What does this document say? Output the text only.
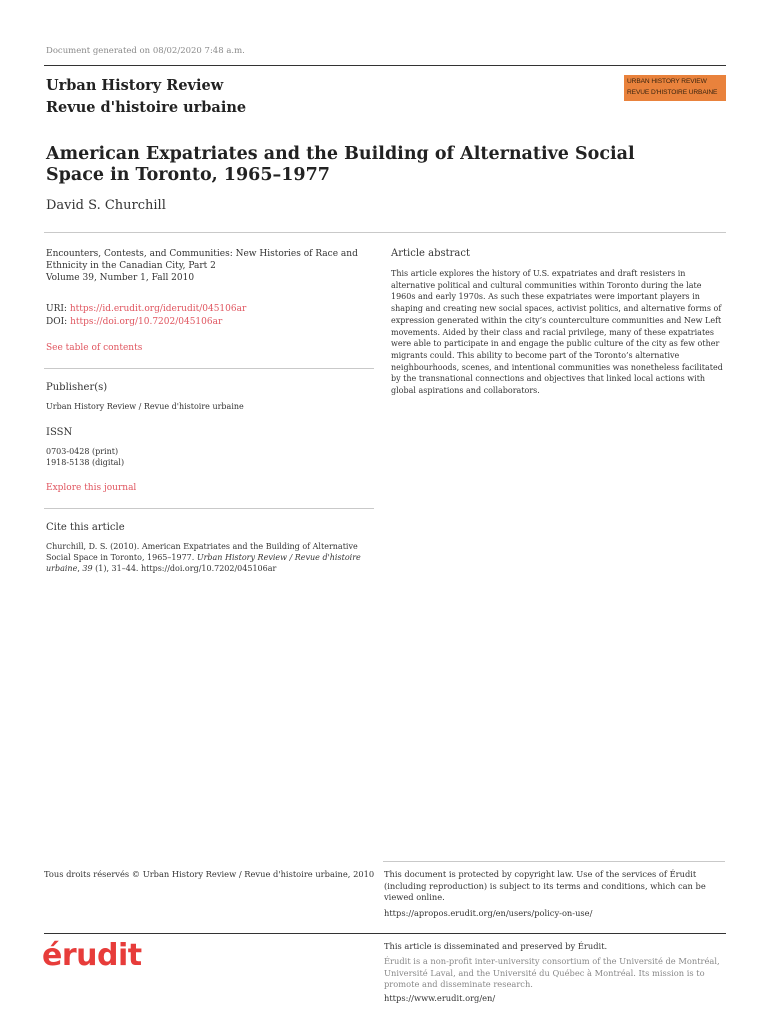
Document generated on 08/02/2020 7:48 a.m.
Urban History Review
Revue d'histoire urbaine
URBAN HISTORY REVIEW
REVUE D'HISTOIRE URBAINE
American Expatriates and the Building of Alternative Social
Space in Toronto, 1965–1977
David S. Churchill
Encounters, Contests, and Communities: New Histories of Race and
Ethnicity in the Canadian City, Part 2
Volume 39, Number 1, Fall 2010
URI: https://id.erudit.org/iderudit/045106ar
DOI: https://doi.org/10.7202/045106ar
See table of contents
Publisher(s)
Urban History Review / Revue d'histoire urbaine
ISSN
0703-0428 (print)
1918-5138 (digital)
Explore this journal
Cite this article
Churchill, D. S. (2010). American Expatriates and the Building of Alternative
Social Space in Toronto, 1965–1977. Urban History Review / Revue d'histoire
urbaine, 39 (1), 31–44. https://doi.org/10.7202/045106ar
Article abstract
This article explores the history of U.S. expatriates and draft resisters in alternative political and cultural communities within Toronto during the late 1960s and early 1970s. As such these expatriates were important players in shaping and creating new social spaces, activist politics, and alternative forms of expression generated within the city’s counterculture communities and New Left movements. Aided by their class and racial privilege, many of these expatriates were able to participate in and engage the public culture of the city as few other migrants could. This ability to become part of the Toronto’s alternative neighbourhoods, scenes, and intentional communities was nonetheless facilitated by the transnational connections and objectives that linked local actions with global aspirations and collaborators.
Tous droits réservés © Urban History Review / Revue d'histoire urbaine, 2010	This document is protected by copyright law. Use of the services of Érudit (including reproduction) is subject to its terms and conditions, which can be viewed online.
https://apropos.erudit.org/en/users/policy-on-use/
érudit	This article is disseminated and preserved by Érudit.
Érudit is a non-profit inter-university consortium of the Université de Montréal, Université Laval, and the Université du Québec à Montréal. Its mission is to promote and disseminate research.
https://www.erudit.org/en/
